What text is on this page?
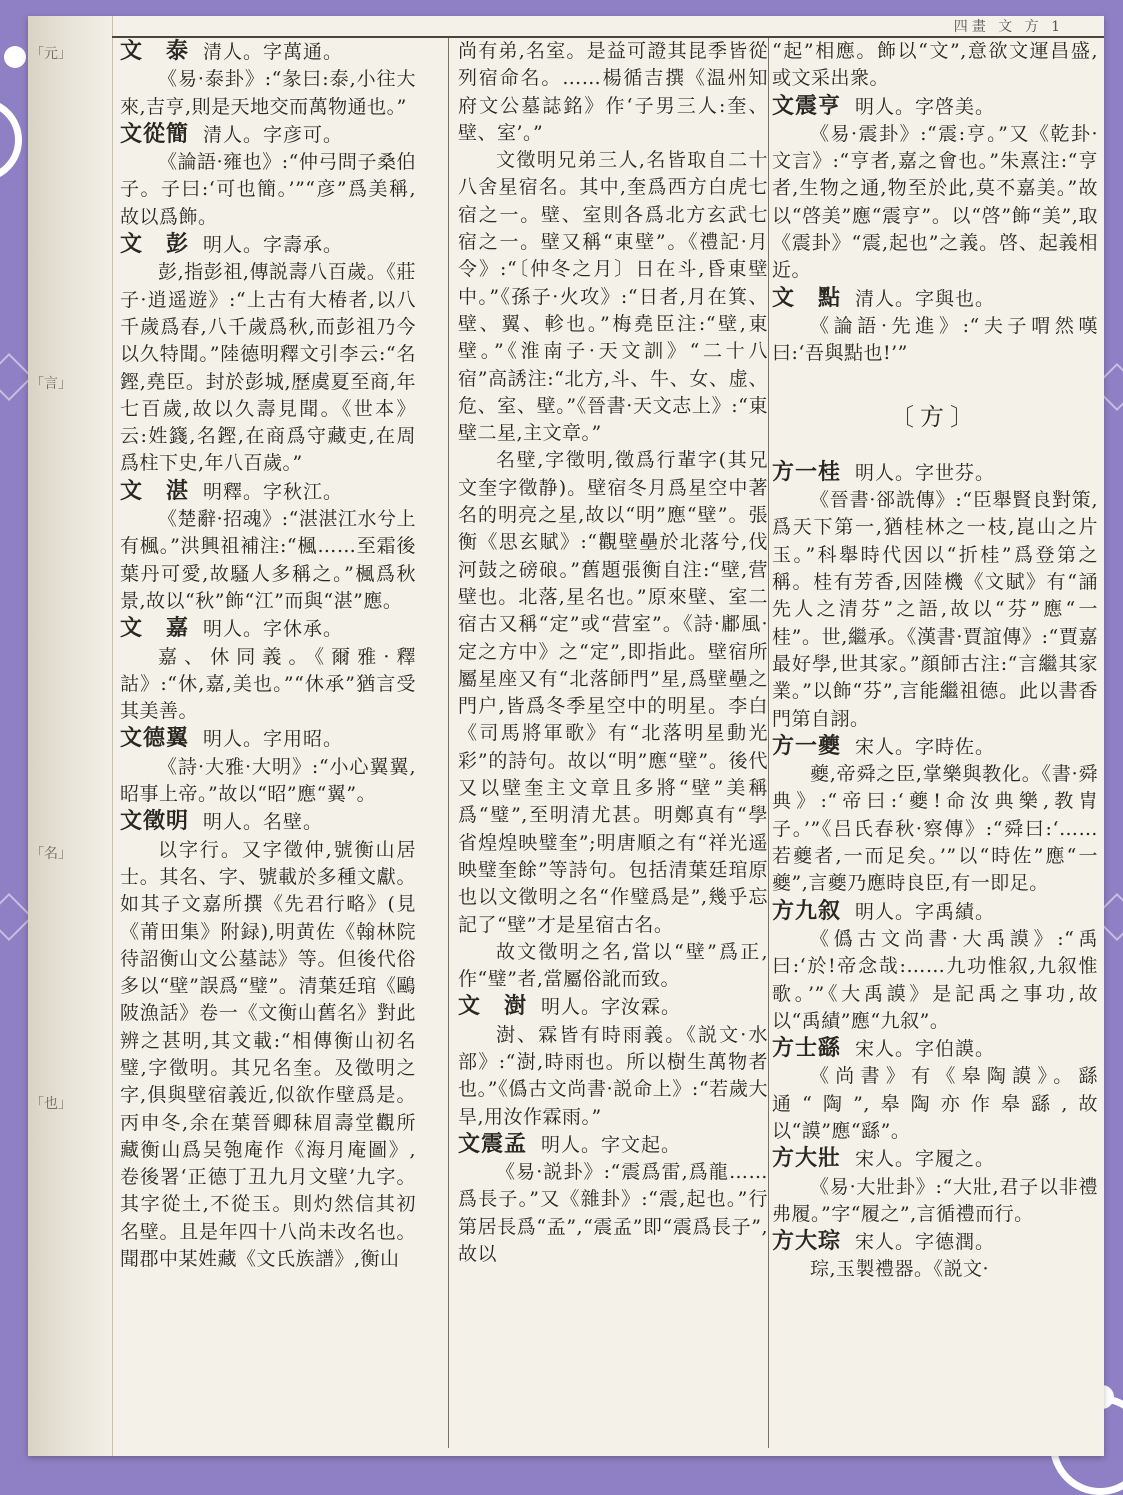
「元」
「言」
「名」
「也」
四畫 文 方 1
文　泰 清人。字萬通。
《易·泰卦》:“彖曰:泰,小往大來,吉亨,則是天地交而萬物通也。”
文從簡 清人。字彦可。
《論語·雍也》:“仲弓問子桑伯子。子曰:‘可也簡。’”“彦”爲美稱,故以爲飾。
文　彭 明人。字壽承。
彭,指彭祖,傳説壽八百歲。《莊子·逍遥遊》:“上古有大椿者,以八千歲爲春,八千歲爲秋,而彭祖乃今以久特聞。”陸德明釋文引李云:“名鏗,堯臣。封於彭城,歷虞夏至商,年七百歲,故以久壽見聞。《世本》云:姓籛,名鏗,在商爲守藏吏,在周爲柱下史,年八百歲。”
文　湛 明釋。字秋江。
《楚辭·招魂》:“湛湛江水兮上有楓。”洪興祖補注:“楓……至霜後葉丹可愛,故騷人多稱之。”楓爲秋景,故以“秋”飾“江”而與“湛”應。
文　嘉 明人。字休承。
嘉、休同義。《爾雅·釋詁》:“休,嘉,美也。”“休承”猶言受其美善。
文德翼 明人。字用昭。
《詩·大雅·大明》:“小心翼翼,昭事上帝。”故以“昭”應“翼”。
文徵明 明人。名壁。
以字行。又字徵仲,號衡山居士。其名、字、號載於多種文獻。如其子文嘉所撰《先君行略》(見《莆田集》附録),明黄佐《翰林院待詔衡山文公墓誌》等。但後代俗多以“壁”誤爲“璧”。清葉廷琯《鷗陂漁話》卷一《文衡山舊名》對此辨之甚明,其文載:“相傳衡山初名璧,字徵明。其兄名奎。及徵明之字,俱與壁宿義近,似欲作壁爲是。丙申冬,余在葉晉卿秣眉壽堂觀所藏衡山爲吴匏庵作《海月庵圖》,卷後署‘正德丁丑九月文壁’九字。其字從土,不從玉。則灼然信其初名壁。且是年四十八尚未改名也。聞郡中某姓藏《文氏族譜》,衡山
尚有弟,名室。是益可證其昆季皆從列宿命名。……楊循吉撰《温州知府文公墓誌銘》作‘子男三人:奎、壁、室’。”
文徵明兄弟三人,名皆取自二十八舍星宿名。其中,奎爲西方白虎七宿之一。壁、室則各爲北方玄武七宿之一。壁又稱“東壁”。《禮記·月令》:“〔仲冬之月〕日在斗,昏東壁中。”《孫子·火攻》:“日者,月在箕、壁、翼、軫也。”梅堯臣注:“壁,東壁。”《淮南子·天文訓》“二十八宿”高誘注:“北方,斗、牛、女、虚、危、室、壁。”《晉書·天文志上》:“東壁二星,主文章。”
名壁,字徵明,徵爲行輩字(其兄文奎字徵静)。壁宿冬月爲星空中著名的明亮之星,故以“明”應“壁”。張衡《思玄賦》:“觀壁壘於北落兮,伐河鼓之磅硠。”舊題張衡自注:“壁,营壁也。北落,星名也。”原來壁、室二宿古又稱“定”或“营室”。《詩·鄘風·定之方中》之“定”,即指此。壁宿所屬星座又有“北落師門”星,爲壁壘之門户,皆爲冬季星空中的明星。李白《司馬將軍歌》有“北落明星動光彩”的詩句。故以“明”應“壁”。後代又以壁奎主文章且多將“壁”美稱爲“璧”,至明清尤甚。明鄭真有“學省煌煌映璧奎”;明唐順之有“祥光遥映璧奎餘”等詩句。包括清葉廷琯原也以文徵明之名“作璧爲是”,幾乎忘記了“壁”才是星宿古名。
故文徵明之名,當以“壁”爲正,作“璧”者,當屬俗訛而致。
文　澍 明人。字汝霖。
澍、霖皆有時雨義。《説文·水部》:“澍,時雨也。所以樹生萬物者也。”《僞古文尚書·説命上》:“若歲大旱,用汝作霖雨。”
文震孟 明人。字文起。
《易·説卦》:“震爲雷,爲龍……爲長子。”又《雜卦》:“震,起也。”行第居長爲“孟”,“震孟”即“震爲長子”,故以
“起”相應。飾以“文”,意欲文運昌盛,或文采出衆。
文震亨 明人。字啓美。
《易·震卦》:“震:亨。”又《乾卦·文言》:“亨者,嘉之會也。”朱熹注:“亨者,生物之通,物至於此,莫不嘉美。”故以“啓美”應“震亨”。以“啓”飾“美”,取《震卦》“震,起也”之義。啓、起義相近。
文　點 清人。字與也。
《論語·先進》:“夫子喟然嘆曰:‘吾與點也!’”
〔方〕
方一桂 明人。字世芬。
《晉書·郤詵傳》:“臣舉賢良對策,爲天下第一,猶桂林之一枝,崑山之片玉。”科舉時代因以“折桂”爲登第之稱。桂有芳香,因陸機《文賦》有“誦先人之清芬”之語,故以“芬”應“一桂”。世,繼承。《漢書·賈誼傳》:“賈嘉最好學,世其家。”顔師古注:“言繼其家業。”以飾“芬”,言能繼祖德。此以書香門第自詡。
方一夔 宋人。字時佐。
夔,帝舜之臣,掌樂與教化。《書·舜典》:“帝曰:‘夔!命汝典樂,教胄子。’”《吕氏春秋·察傳》:“舜曰:‘……若夔者,一而足矣。’”以“時佐”應“一夔”,言夔乃應時良臣,有一即足。
方九叙 明人。字禹績。
《僞古文尚書·大禹謨》:“禹曰:‘於!帝念哉:……九功惟叙,九叙惟歌。’”《大禹謨》是記禹之事功,故以“禹績”應“九叙”。
方士繇 宋人。字伯謨。
《尚書》有《皋陶謨》。繇通“陶”,皋陶亦作皋繇,故以“謨”應“繇”。
方大壯 宋人。字履之。
《易·大壯卦》:“大壯,君子以非禮弗履。”字“履之”,言循禮而行。
方大琮 宋人。字德潤。
琮,玉製禮器。《説文·
